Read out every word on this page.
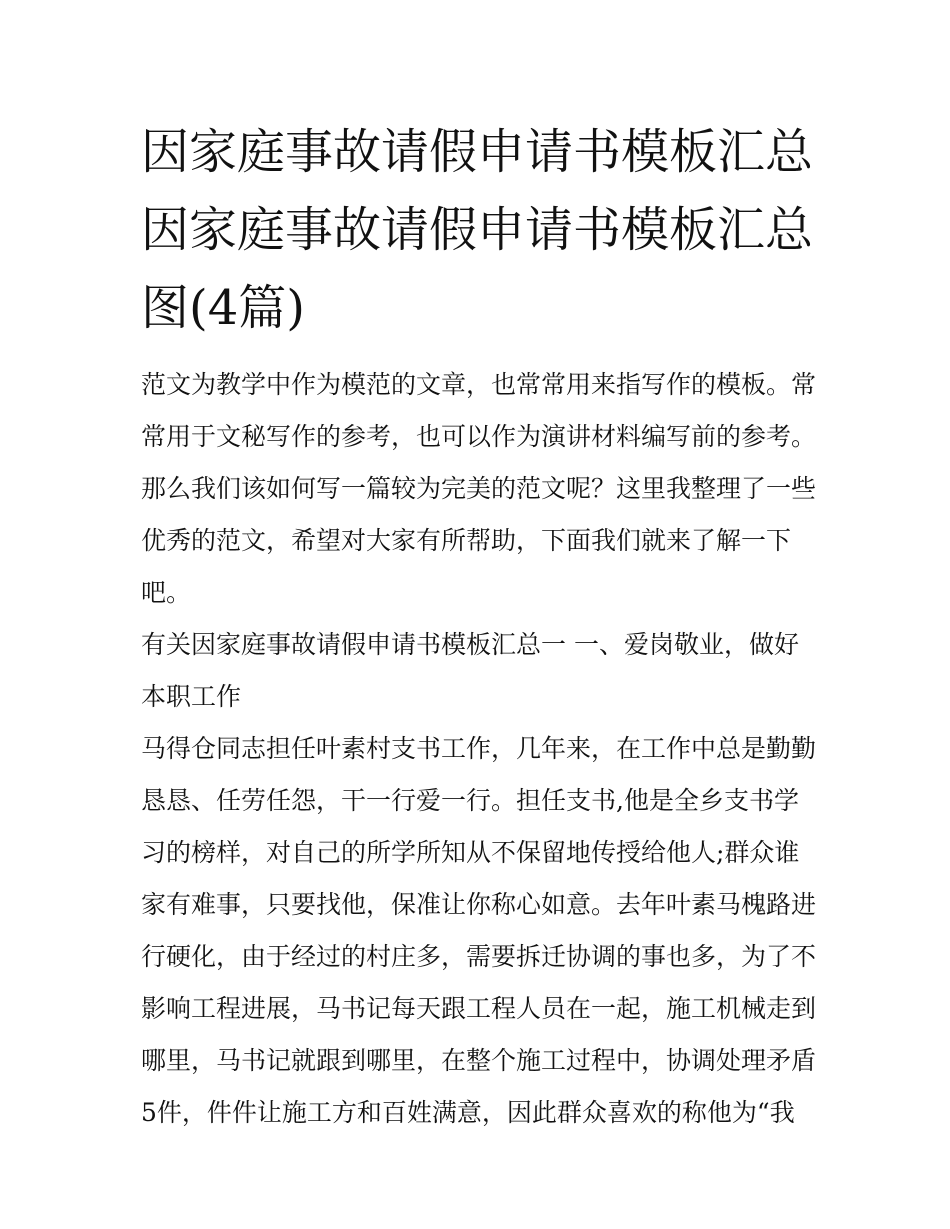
因家庭事故请假申请书模板汇总 因家庭事故请假申请书模板汇总图(4篇)

范文为教学中作为模范的文章，也常常用来指写作的模板。常常用于文秘写作的参考，也可以作为演讲材料编写前的参考。那么我们该如何写一篇较为完美的范文呢？这里我整理了一些优秀的范文，希望对大家有所帮助，下面我们就来了解一下吧。

有关因家庭事故请假申请书模板汇总一 一、爱岗敬业，做好本职工作

马得仓同志担任叶素村支书工作，几年来，在工作中总是勤勤恳恳、任劳任怨，干一行爱一行。担任支书,他是全乡支书学习的榜样，对自己的所学所知从不保留地传授给他人;群众谁家有难事，只要找他，保准让你称心如意。去年叶素马槐路进行硬化，由于经过的村庄多，需要拆迁协调的事也多，为了不影响工程进展，马书记每天跟工程人员在一起，施工机械走到哪里，马书记就跟到哪里，在整个施工过程中，协调处理矛盾5件，件件让施工方和百姓满意，因此群众喜欢的称他为“我
